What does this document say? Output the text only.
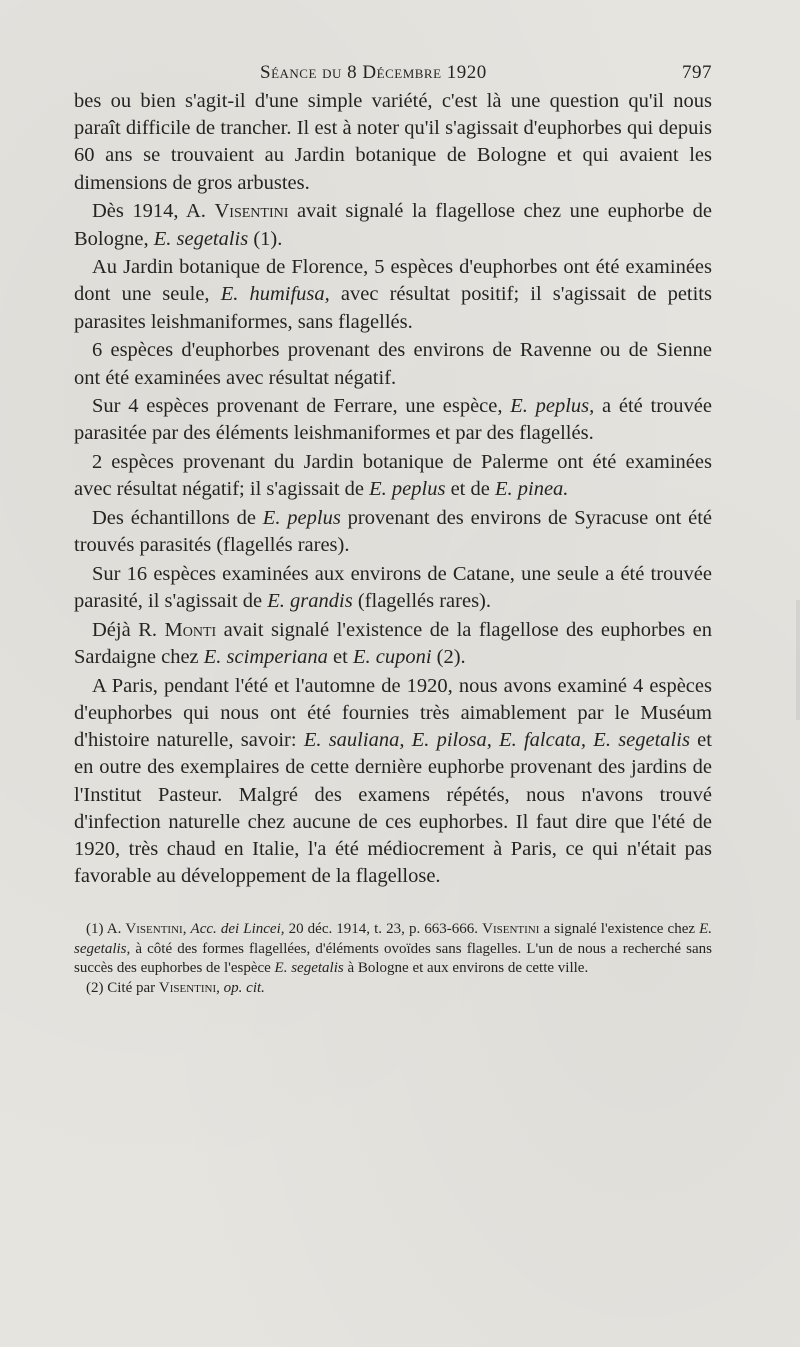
Séance du 8 Décembre 1920	797

bes ou bien s'agit-il d'une simple variété, c'est là une question qu'il nous paraît difficile de trancher. Il est à noter qu'il s'agissait d'euphorbes qui depuis 60 ans se trouvaient au Jardin botanique de Bologne et qui avaient les dimensions de gros arbustes.

Dès 1914, A. Visentini avait signalé la flagellose chez une euphorbe de Bologne, E. segetalis (1).

Au Jardin botanique de Florence, 5 espèces d'euphorbes ont été examinées dont une seule, E. humifusa, avec résultat positif; il s'agissait de petits parasites leishmaniformes, sans flagellés.

6 espèces d'euphorbes provenant des environs de Ravenne ou de Sienne ont été examinées avec résultat négatif.

Sur 4 espèces provenant de Ferrare, une espèce, E. peplus, a été trouvée parasitée par des éléments leishmaniformes et par des flagellés.

2 espèces provenant du Jardin botanique de Palerme ont été examinées avec résultat négatif; il s'agissait de E. peplus et de E. pinea.

Des échantillons de E. peplus provenant des environs de Syracuse ont été trouvés parasités (flagellés rares).

Sur 16 espèces examinées aux environs de Catane, une seule a été trouvée parasité, il s'agissait de E. grandis (flagellés rares).

Déjà R. Monti avait signalé l'existence de la flagellose des euphorbes en Sardaigne chez E. scimperiana et E. cuponi (2).

A Paris, pendant l'été et l'automne de 1920, nous avons examiné 4 espèces d'euphorbes qui nous ont été fournies très aimablement par le Muséum d'histoire naturelle, savoir: E. sauliana, E. pilosa, E. falcata, E. segetalis et en outre des exemplaires de cette dernière euphorbe provenant des jardins de l'Institut Pasteur. Malgré des examens répétés, nous n'avons trouvé d'infection naturelle chez aucune de ces euphorbes. Il faut dire que l'été de 1920, très chaud en Italie, l'a été médiocrement à Paris, ce qui n'était pas favorable au développement de la flagellose.

(1) A. Visentini, Acc. dei Lincei, 20 déc. 1914, t. 23, p. 663-666. Visentini a signalé l'existence chez E. segetalis, à côté des formes flagellées, d'éléments ovoïdes sans flagelles. L'un de nous a recherché sans succès des euphorbes de l'espèce E. segetalis à Bologne et aux environs de cette ville.

(2) Cité par Visentini, op. cit.
